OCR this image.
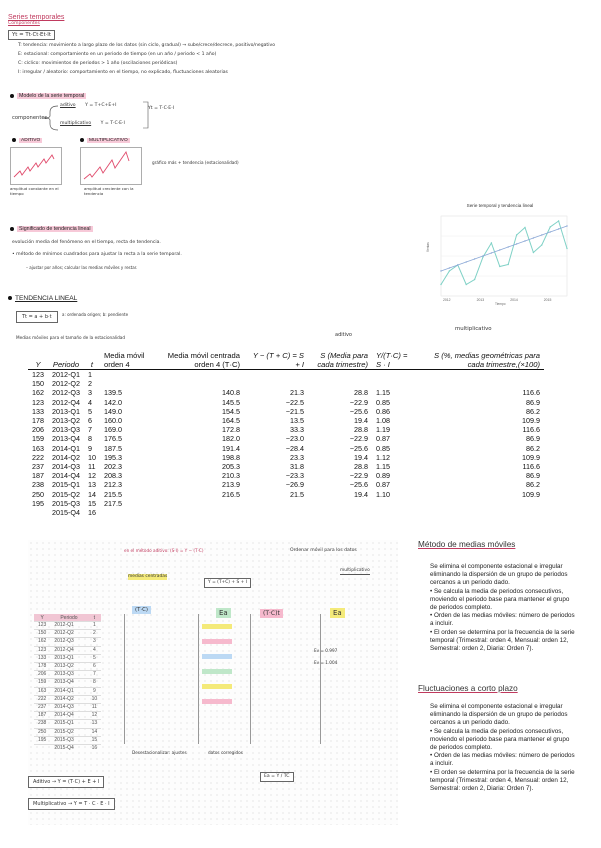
Series temporales
Componentes
Yt = Tt·Ct·Et·It
T: tendencia: movimiento a largo plazo de los datos (sin ciclo, gradual) → sube/crece/decrece, positivo/negativo
E: estacional: comportamiento en un periodo de tiempo (en un año / periodo < 1 año)
C: cíclico: movimientos de periodos > 1 año (oscilaciones periódicas)
I: irregular / aleatorio: comportamiento en el tiempo, no explicado, fluctuaciones aleatorias
Modelo de la serie temporal
componentes
aditivo Y = T+C+E+I
multiplicativo Y = T·C·E·I
Yt = T·C·E·I
ADITIVO
amplitud constante en el tiempo
MULTIPLICATIVO
amplitud creciente con la tendencia
gráfico más + tendencia (estacionalidad)
Significado de tendencia lineal
evolución media del fenómeno en el tiempo, recta de tendencia.
• método de mínimos cuadrados para ajustar la recta a la serie temporal.
– ajustar por años; calcular las medias móviles y restar.
TENDENCIA LINEAL
Tt = a + b·t	a: ordenada origen; b: pendiente
Medias móviles para el tamaño de la estacionalidad
Serie temporal y tendencia lineal
Ventas
Tiempo
2012	2013	2014	2015
aditivo
multiplicativo
Y	Periodo	t	Media móvil orden 4	Media móvil centrada orden 4 (T·C)	Y − (T + C) = S + I	S (Media para cada trimestre)	Y/(T·C) = S · I	S (%, medias geométricas para cada trimestre,(×100)
123	2012-Q1	1						
150	2012-Q2	2						
162	2012-Q3	3	139.5	140.8	21.3	28.8	1.15	116.6
123	2012-Q4	4	142.0	145.5	−22.5	−22.9	0.85	86.9
133	2013-Q1	5	149.0	154.5	−21.5	−25.6	0.86	86.2
178	2013-Q2	6	160.0	164.5	13.5	19.4	1.08	109.9
206	2013-Q3	7	169.0	172.8	33.3	28.8	1.19	116.6
159	2013-Q4	8	176.5	182.0	−23.0	−22.9	0.87	86.9
163	2014-Q1	9	187.5	191.4	−28.4	−25.6	0.85	86.2
222	2014-Q2	10	195.3	198.8	23.3	19.4	1.12	109.9
237	2014-Q3	11	202.3	205.3	31.8	28.8	1.15	116.6
187	2014-Q4	12	208.3	210.3	−23.3	−22.9	0.89	86.9
238	2015-Q1	13	212.3	213.9	−26.9	−25.6	0.87	86.2
250	2015-Q2	14	215.5	216.5	21.5	19.4	1.10	109.9
195	2015-Q3	15	217.5					
	2015-Q4	16						
en el método aditivo: (S·I) = Y − (T·C)
medias centradas
Y = (T+C) + S + I
Ordenar móvil para los datos
multiplicativo
(T·C)	Ea	(T·C)t	Ea
Y	Periodo	t
123	2012-Q1	1
150	2012-Q2	2
162	2012-Q3	3
123	2012-Q4	4
133	2013-Q1	5
178	2013-Q2	6
206	2013-Q3	7
159	2013-Q4	8
163	2014-Q1	9
222	2014-Q2	10
237	2014-Q3	11
187	2014-Q4	12
238	2015-Q1	13
250	2015-Q2	14
195	2015-Q3	15
	2015-Q4	16
Ev = 0.997
Ev = 1.004
Desestacionalizar: ajustes	datos corregidos
Ea = Y / TC
Aditivo → Y = (T·C) + E + I
Multiplicativo → Y = T · C · E · I
Método de medias móviles
Se elimina el componente estacional e irregular eliminando la dispersión de un grupo de periodos cercanos a un periodo dado.
• Se calcula la media de periodos consecutivos, moviendo el periodo base para mantener el grupo de periodos completo.
• Orden de las medias móviles: número de periodos a incluir.
• El orden se determina por la frecuencia de la serie temporal (Trimestral: orden 4, Mensual: orden 12, Semestral: orden 2, Diaria: Orden 7).
Fluctuaciones a corto plazo
Se elimina el componente estacional e irregular eliminando la dispersión de un grupo de periodos cercanos a un periodo dado.
• Se calcula la media de periodos consecutivos, moviendo el periodo base para mantener el grupo de periodos completo.
• Orden de las medias móviles: número de periodos a incluir.
• El orden se determina por la frecuencia de la serie temporal (Trimestral: orden 4, Mensual: orden 12, Semestral: orden 2, Diaria: Orden 7).
